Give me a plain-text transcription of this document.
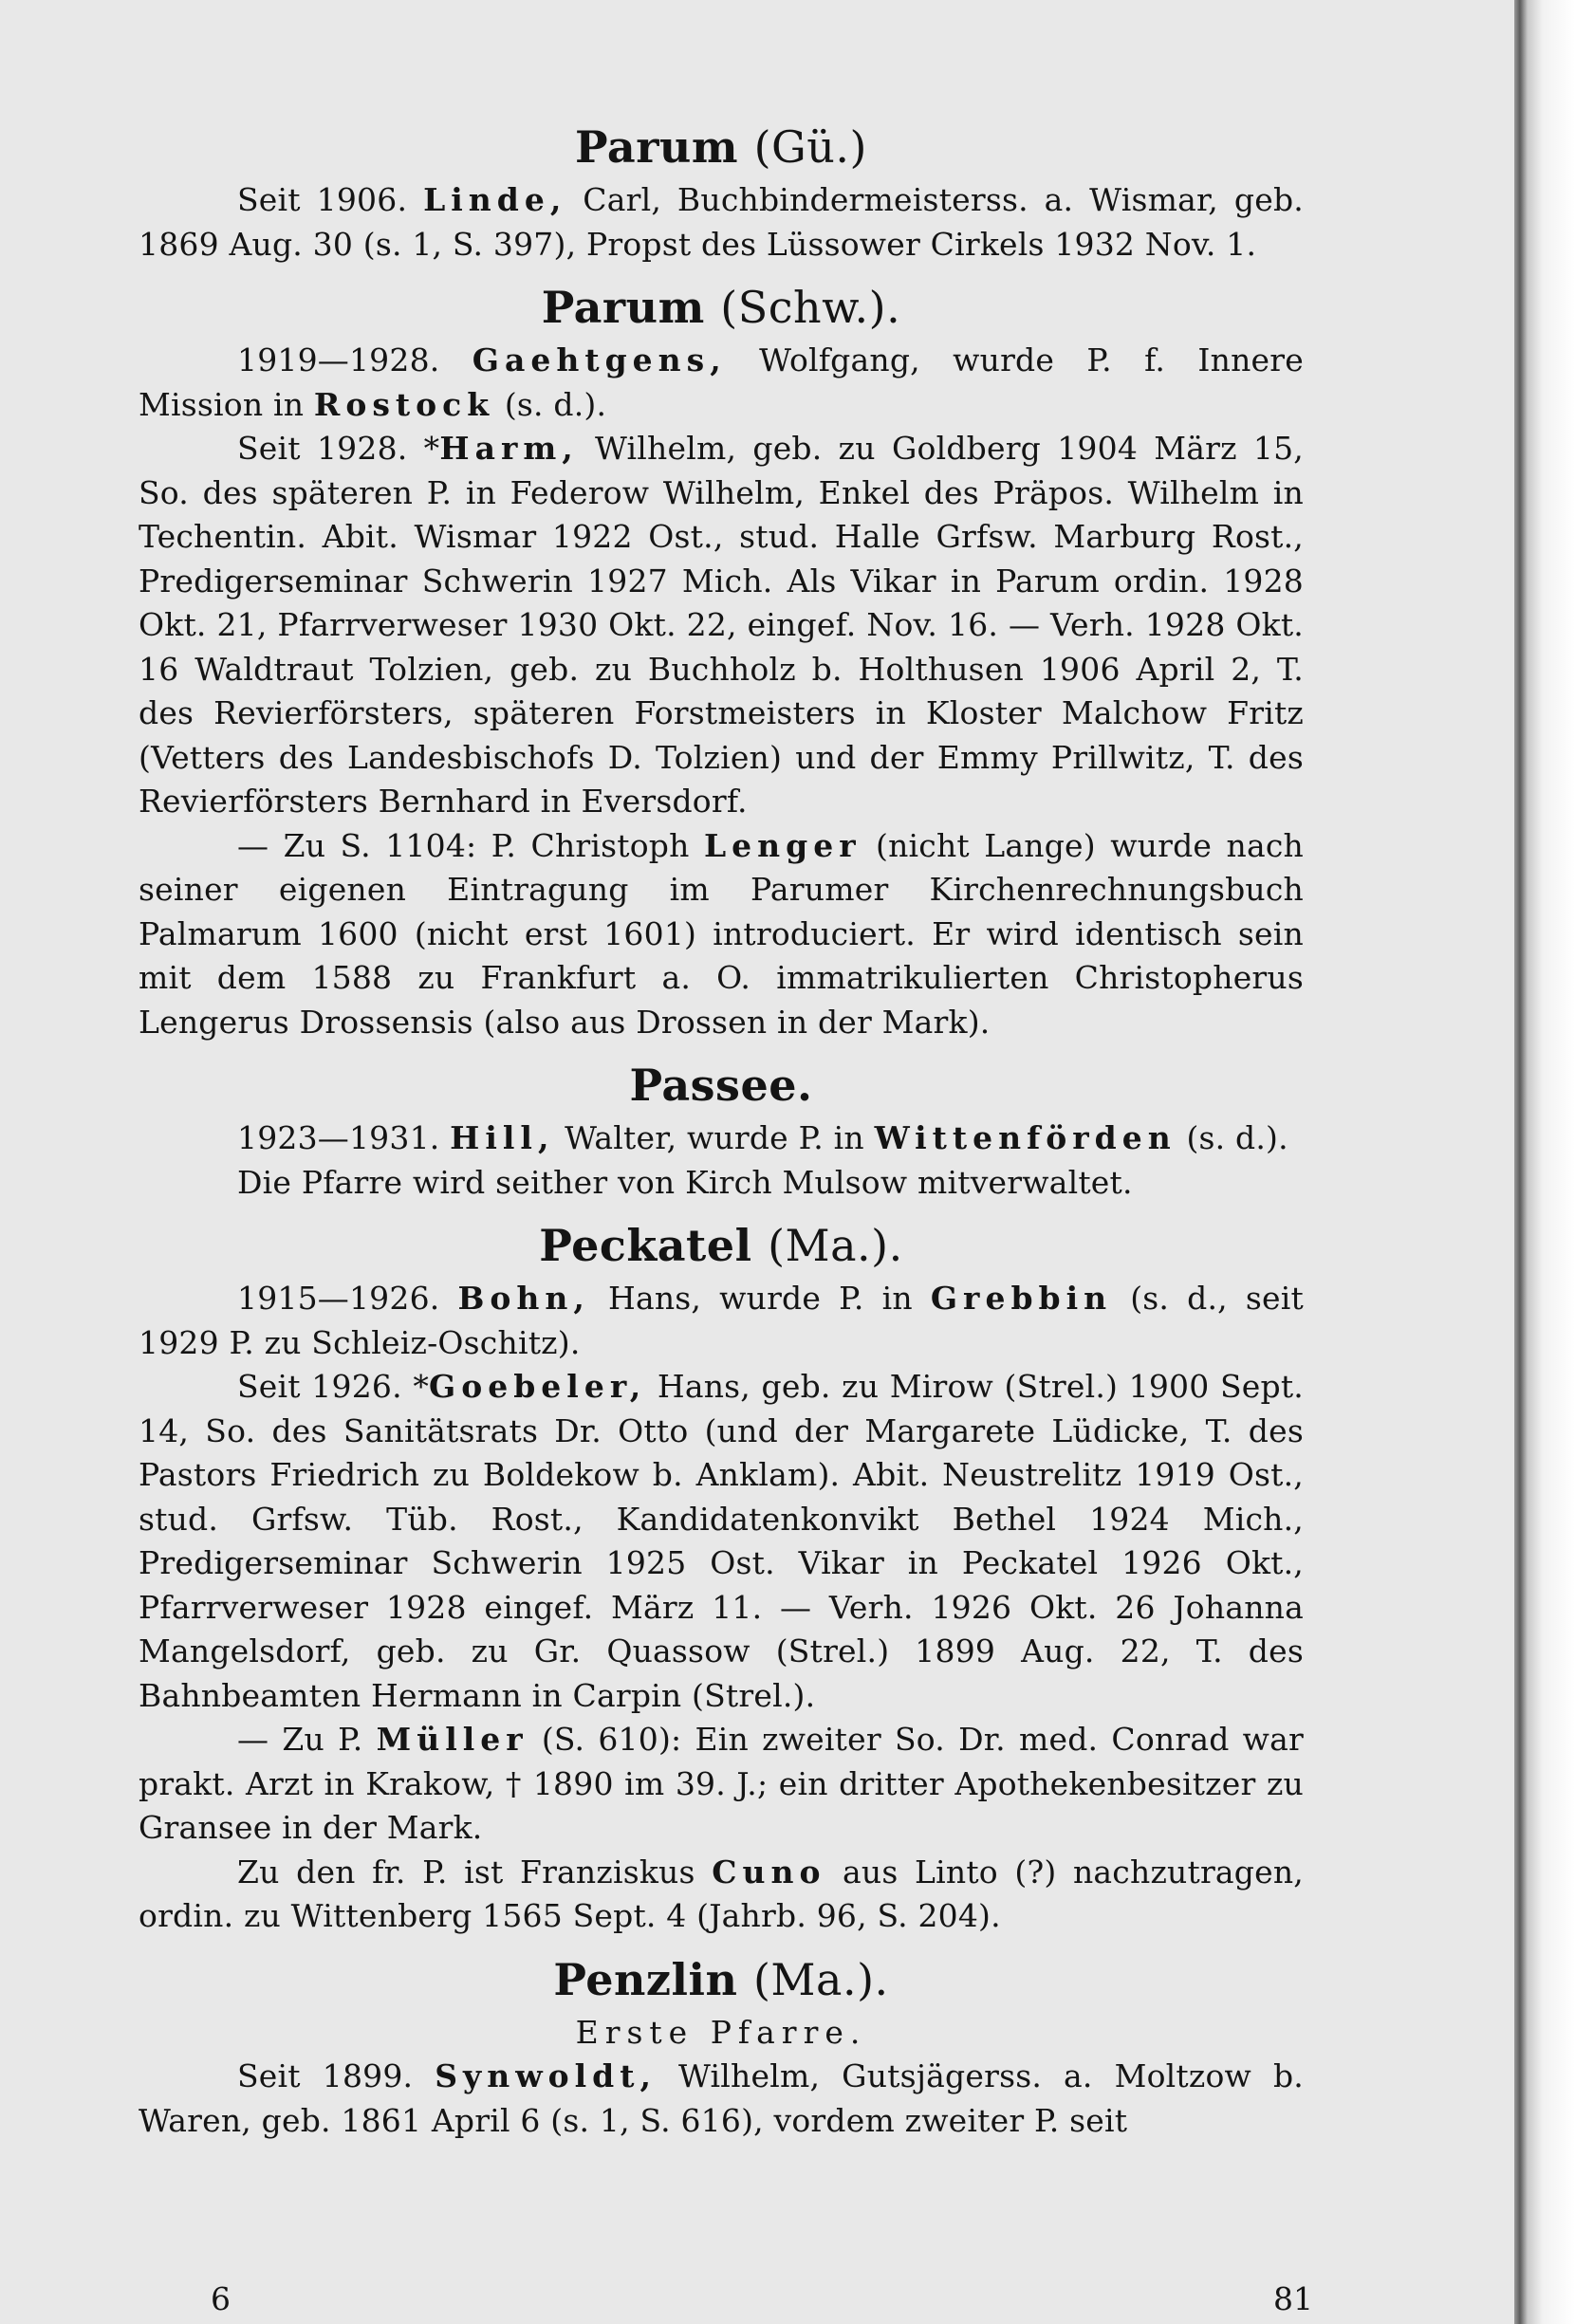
Parum (Gü.)

Seit 1906. Linde, Carl, Buchbindermeisterss. a. Wismar, geb. 1869 Aug. 30 (s. 1, S. 397), Propst des Lüssower Cirkels 1932 Nov. 1.

Parum (Schw.).

1919—1928. Gaehtgens, Wolfgang, wurde P. f. Innere Mission in Rostock (s. d.).

Seit 1928. *Harm, Wilhelm, geb. zu Goldberg 1904 März 15, So. des späteren P. in Federow Wilhelm, Enkel des Präpos. Wilhelm in Techentin. Abit. Wismar 1922 Ost., stud. Halle Grfsw. Marburg Rost., Predigerseminar Schwerin 1927 Mich. Als Vikar in Parum ordin. 1928 Okt. 21, Pfarrverweser 1930 Okt. 22, eingef. Nov. 16. — Verh. 1928 Okt. 16 Waldtraut Tolzien, geb. zu Buchholz b. Holthusen 1906 April 2, T. des Revierförsters, späteren Forstmeisters in Kloster Malchow Fritz (Vetters des Landesbischofs D. Tolzien) und der Emmy Prillwitz, T. des Revierförsters Bernhard in Eversdorf.

— Zu S. 1104: P. Christoph Lenger (nicht Lange) wurde nach seiner eigenen Eintragung im Parumer Kirchenrechnungsbuch Palmarum 1600 (nicht erst 1601) introduciert. Er wird identisch sein mit dem 1588 zu Frankfurt a. O. immatrikulierten Christopherus Lengerus Drossensis (also aus Drossen in der Mark).

Passee.

1923—1931. Hill, Walter, wurde P. in Wittenförden (s. d.).

Die Pfarre wird seither von Kirch Mulsow mitverwaltet.

Peckatel (Ma.).

1915—1926. Bohn, Hans, wurde P. in Grebbin (s. d., seit 1929 P. zu Schleiz-Oschitz).

Seit 1926. *Goebeler, Hans, geb. zu Mirow (Strel.) 1900 Sept. 14, So. des Sanitätsrats Dr. Otto (und der Margarete Lüdicke, T. des Pastors Friedrich zu Boldekow b. Anklam). Abit. Neustrelitz 1919 Ost., stud. Grfsw. Tüb. Rost., Kandidatenkonvikt Bethel 1924 Mich., Predigerseminar Schwerin 1925 Ost. Vikar in Peckatel 1926 Okt., Pfarrverweser 1928 eingef. März 11. — Verh. 1926 Okt. 26 Johanna Mangelsdorf, geb. zu Gr. Quassow (Strel.) 1899 Aug. 22, T. des Bahnbeamten Hermann in Carpin (Strel.).

— Zu P. Müller (S. 610): Ein zweiter So. Dr. med. Conrad war prakt. Arzt in Krakow, † 1890 im 39. J.; ein dritter Apothekenbesitzer zu Gransee in der Mark.

Zu den fr. P. ist Franziskus Cuno aus Linto (?) nachzutragen, ordin. zu Wittenberg 1565 Sept. 4 (Jahrb. 96, S. 204).

Penzlin (Ma.).
Erste Pfarre.

Seit 1899. Synwoldt, Wilhelm, Gutsjägerss. a. Moltzow b. Waren, geb. 1861 April 6 (s. 1, S. 616), vordem zweiter P. seit

6	81
